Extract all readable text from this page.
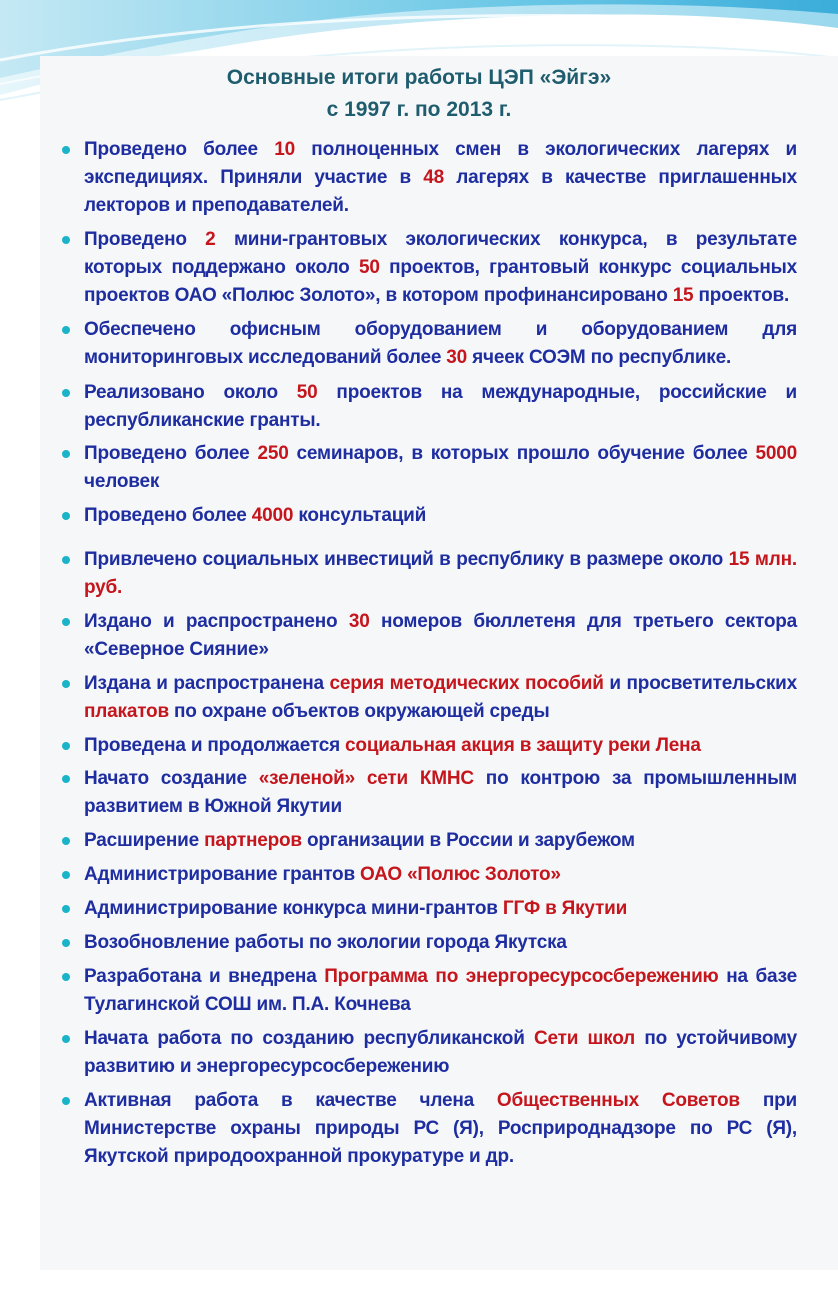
Основные итоги работы ЦЭП «Эйгэ»
с 1997 г. по 2013 г.
Проведено более 10 полноценных смен в экологических лагерях и экспедициях. Приняли участие в 48 лагерях в качестве приглашенных лекторов и преподавателей.
Проведено 2 мини-грантовых экологических конкурса, в результате которых поддержано около 50 проектов, грантовый конкурс социальных проектов ОАО «Полюс Золото», в котором профинансировано 15 проектов.
Обеспечено офисным оборудованием и оборудованием для мониторинговых исследований более 30 ячеек СОЭМ по республике.
Реализовано около 50 проектов на международные, российские и республиканские гранты.
Проведено более 250 семинаров, в которых прошло обучение более 5000 человек
Проведено более 4000 консультаций
Привлечено социальных инвестиций в республику в размере около 15 млн. руб.
Издано и распространено 30 номеров бюллетеня для третьего сектора «Северное Сияние»
Издана и распространена серия методических пособий и просветительских плакатов по охране объектов окружающей среды
Проведена и продолжается социальная акция в защиту реки Лена
Начато создание «зеленой» сети КМНС по контрою за промышленным развитием в Южной Якутии
Расширение партнеров организации в России и зарубежом
Администрирование грантов ОАО «Полюс Золото»
Администрирование конкурса мини-грантов ГГФ в Якутии
Возобновление работы по экологии города Якутска
Разработана и внедрена Программа по энергоресурсосбережению на базе Тулагинской СОШ им. П.А. Кочнева
Начата работа по созданию республиканской Сети школ по устойчивому развитию и энергоресурсосбережению
Активная работа в качестве члена Общественных Советов при Министерстве охраны природы РС (Я), Росприроднадзоре по РС (Я), Якутской природоохранной прокуратуре и др.
